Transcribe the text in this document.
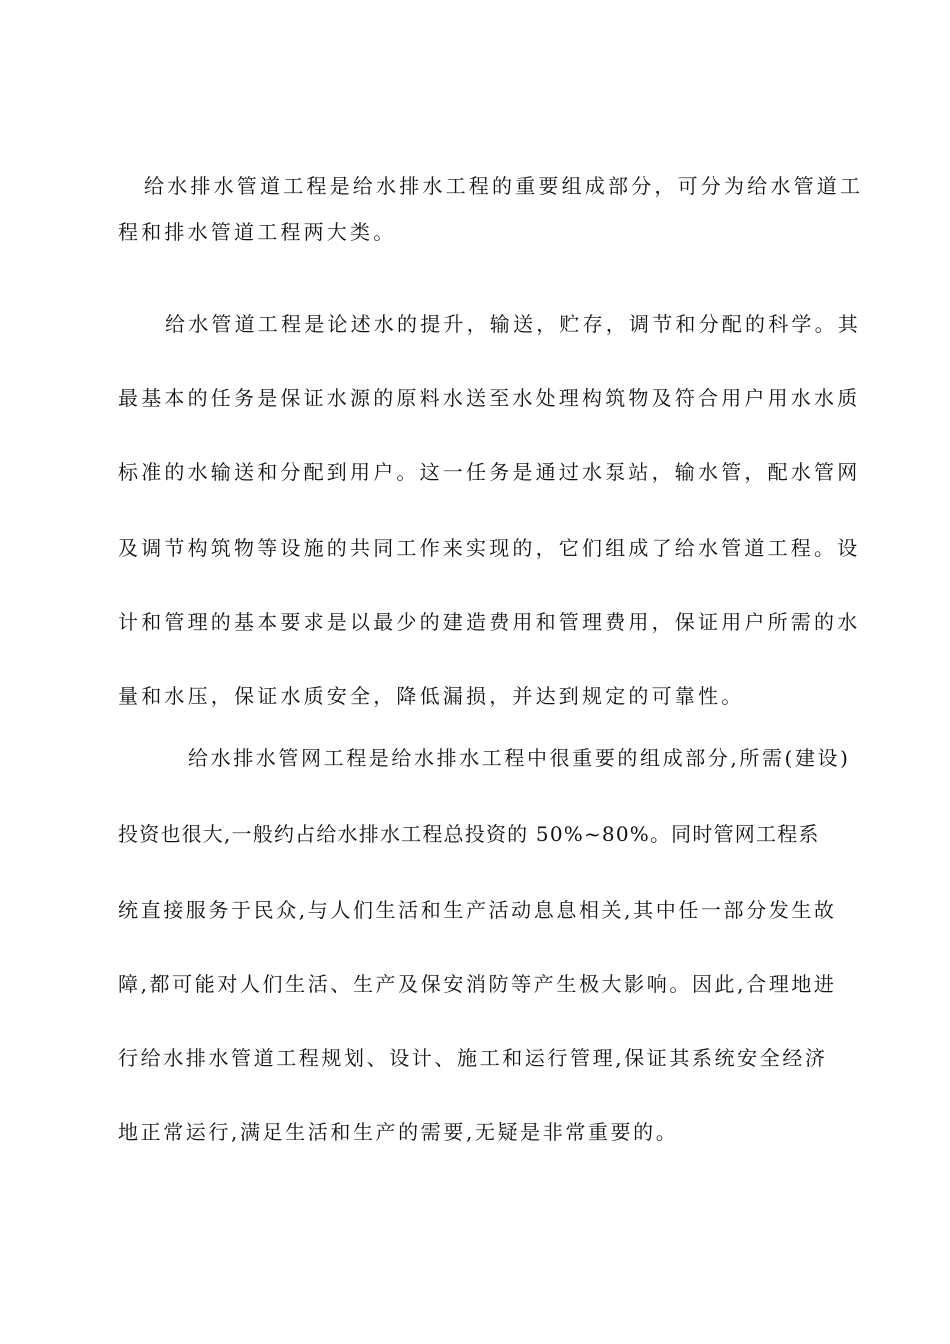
给水排水管道工程是给水排水工程的重要组成部分，可分为给水管道工
程和排水管道工程两大类。
给水管道工程是论述水的提升，输送，贮存，调节和分配的科学。其
最基本的任务是保证水源的原料水送至水处理构筑物及符合用户用水水质
标准的水输送和分配到用户。这一任务是通过水泵站，输水管，配水管网
及调节构筑物等设施的共同工作来实现的，它们组成了给水管道工程。设
计和管理的基本要求是以最少的建造费用和管理费用，保证用户所需的水
量和水压，保证水质安全，降低漏损，并达到规定的可靠性。
给水排水管网工程是给水排水工程中很重要的组成部分,所需(建设)
投资也很大,一般约占给水排水工程总投资的 50%~80%。同时管网工程系
统直接服务于民众,与人们生活和生产活动息息相关,其中任一部分发生故
障,都可能对人们生活、生产及保安消防等产生极大影响。因此,合理地进
行给水排水管道工程规划、设计、施工和运行管理,保证其系统安全经济
地正常运行,满足生活和生产的需要,无疑是非常重要的。
